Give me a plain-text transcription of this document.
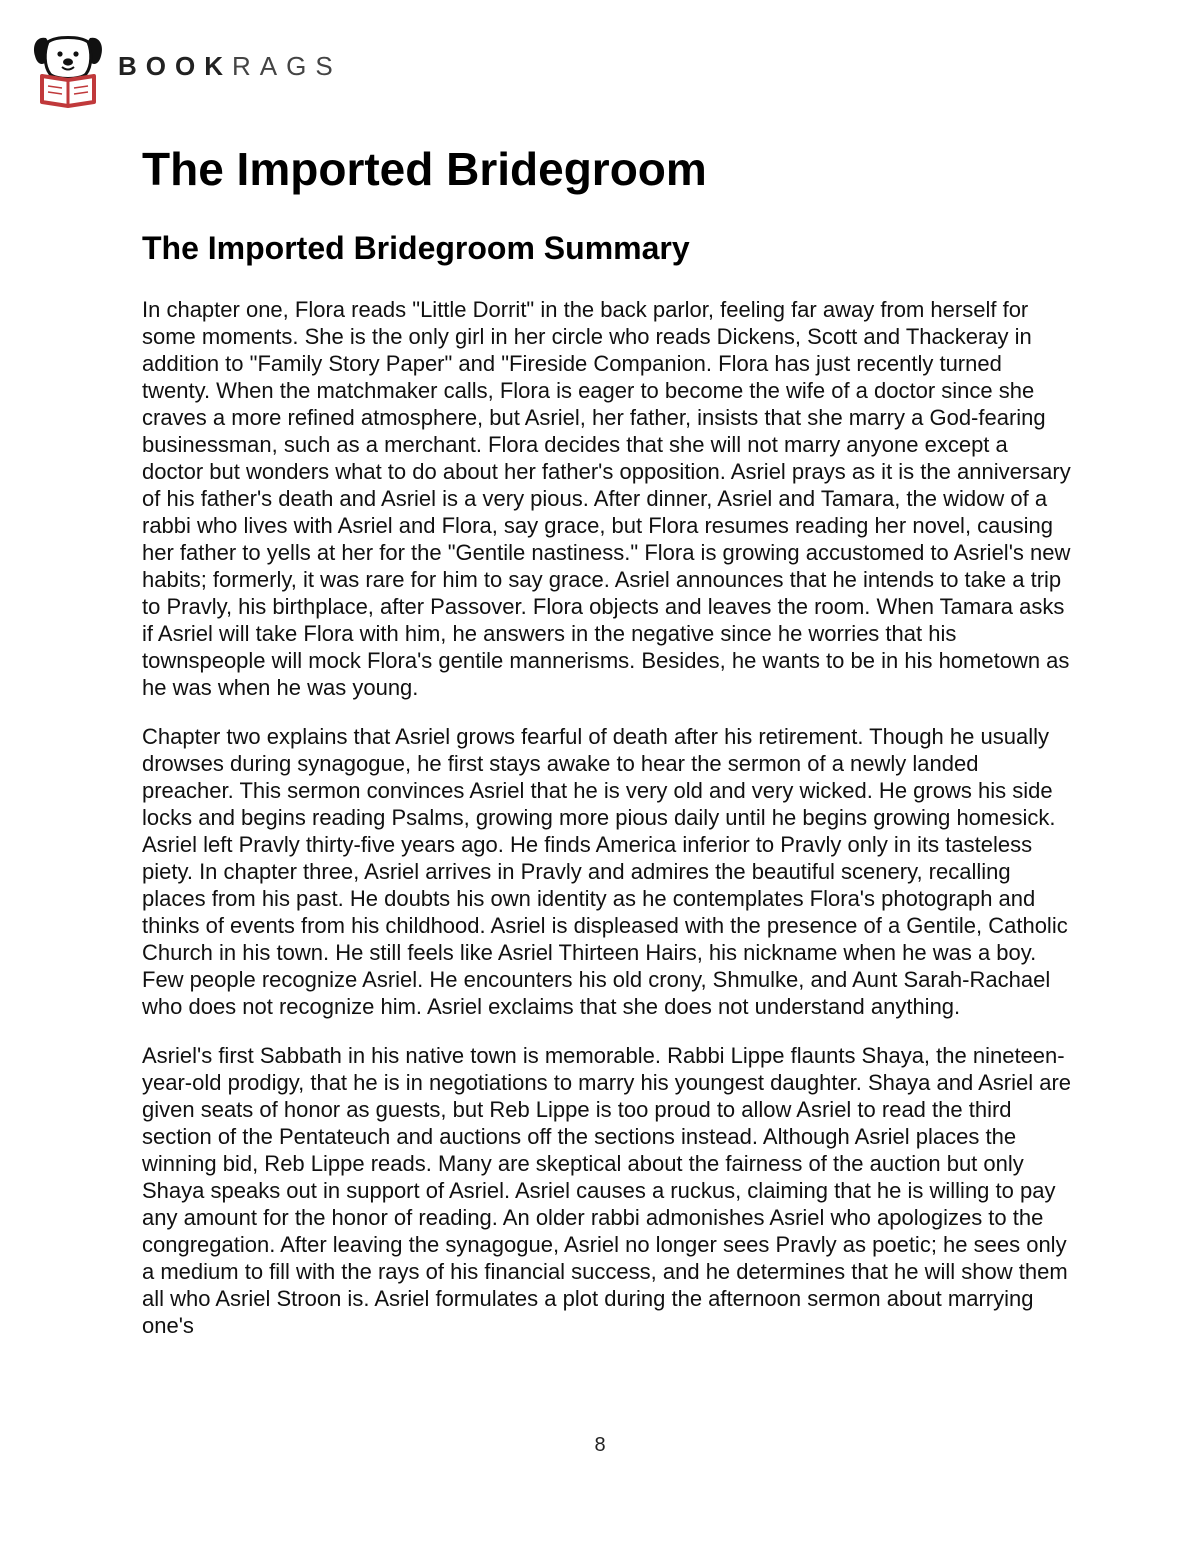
BOOKRAGS
The Imported Bridegroom
The Imported Bridegroom Summary

In chapter one, Flora reads "Little Dorrit" in the back parlor, feeling far away from herself for some moments. She is the only girl in her circle who reads Dickens, Scott and Thackeray in addition to "Family Story Paper" and "Fireside Companion. Flora has just recently turned twenty. When the matchmaker calls, Flora is eager to become the wife of a doctor since she craves a more refined atmosphere, but Asriel, her father, insists that she marry a God-fearing businessman, such as a merchant. Flora decides that she will not marry anyone except a doctor but wonders what to do about her father's opposition. Asriel prays as it is the anniversary of his father's death and Asriel is a very pious. After dinner, Asriel and Tamara, the widow of a rabbi who lives with Asriel and Flora, say grace, but Flora resumes reading her novel, causing her father to yells at her for the "Gentile nastiness." Flora is growing accustomed to Asriel's new habits; formerly, it was rare for him to say grace. Asriel announces that he intends to take a trip to Pravly, his birthplace, after Passover. Flora objects and leaves the room. When Tamara asks if Asriel will take Flora with him, he answers in the negative since he worries that his townspeople will mock Flora's gentile mannerisms. Besides, he wants to be in his hometown as he was when he was young.

Chapter two explains that Asriel grows fearful of death after his retirement. Though he usually drowses during synagogue, he first stays awake to hear the sermon of a newly landed preacher. This sermon convinces Asriel that he is very old and very wicked. He grows his side locks and begins reading Psalms, growing more pious daily until he begins growing homesick. Asriel left Pravly thirty-five years ago. He finds America inferior to Pravly only in its tasteless piety. In chapter three, Asriel arrives in Pravly and admires the beautiful scenery, recalling places from his past. He doubts his own identity as he contemplates Flora's photograph and thinks of events from his childhood. Asriel is displeased with the presence of a Gentile, Catholic Church in his town. He still feels like Asriel Thirteen Hairs, his nickname when he was a boy. Few people recognize Asriel. He encounters his old crony, Shmulke, and Aunt Sarah-Rachael who does not recognize him. Asriel exclaims that she does not understand anything.

Asriel's first Sabbath in his native town is memorable. Rabbi Lippe flaunts Shaya, the nineteen-year-old prodigy, that he is in negotiations to marry his youngest daughter. Shaya and Asriel are given seats of honor as guests, but Reb Lippe is too proud to allow Asriel to read the third section of the Pentateuch and auctions off the sections instead. Although Asriel places the winning bid, Reb Lippe reads. Many are skeptical about the fairness of the auction but only Shaya speaks out in support of Asriel. Asriel causes a ruckus, claiming that he is willing to pay any amount for the honor of reading. An older rabbi admonishes Asriel who apologizes to the congregation. After leaving the synagogue, Asriel no longer sees Pravly as poetic; he sees only a medium to fill with the rays of his financial success, and he determines that he will show them all who Asriel Stroon is. Asriel formulates a plot during the afternoon sermon about marrying one's

8
